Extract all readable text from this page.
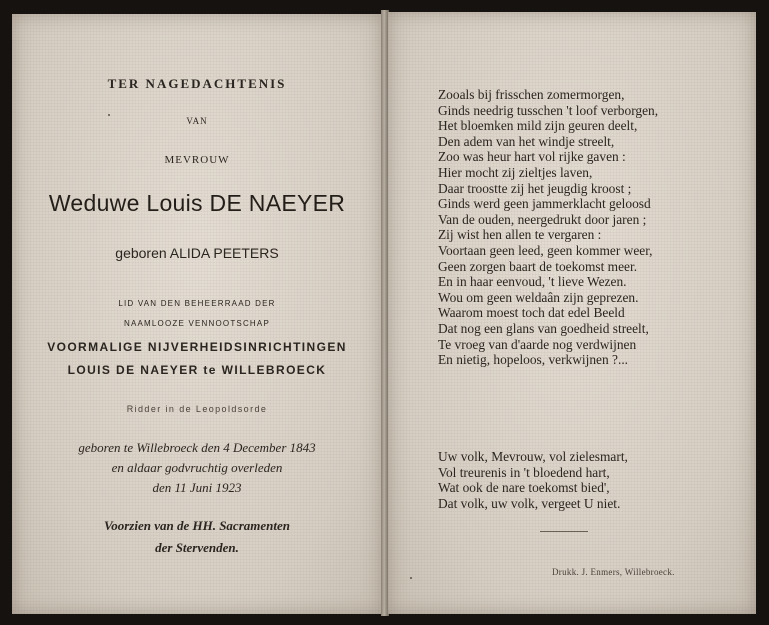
TER NAGEDACHTENIS
VAN
MEVROUW
Weduwe Louis DE NAEYER
geboren ALIDA PEETERS
LID VAN DEN BEHEERRAAD DER
NAAMLOOZE VENNOOTSCHAP
VOORMALIGE NIJVERHEIDSINRICHTINGEN
LOUIS DE NAEYER te WILLEBROECK
Ridder in de Leopoldsorde
geboren te Willebroeck den 4 December 1843
en aldaar godvruchtig overleden
den 11 Juni 1923
Voorzien van de HH. Sacramenten
der Stervenden.
Zooals bij frisschen zomermorgen,
Ginds needrig tusschen 't loof verborgen,
Het bloemken mild zijn geuren deelt,
Den adem van het windje streelt,
Zoo was heur hart vol rijke gaven :
Hier mocht zij zieltjes laven,
Daar troostte zij het jeugdig kroost ;
Ginds werd geen jammerklacht geloosd
Van de ouden, neergedrukt door jaren ;
Zij wist hen allen te vergaren :
Voortaan geen leed, geen kommer weer,
Geen zorgen baart de toekomst meer.
En in haar eenvoud, 't lieve Wezen.
Wou om geen weldaân zijn geprezen.
Waarom moest toch dat edel Beeld
Dat nog een glans van goedheid streelt,
Te vroeg van d'aarde nog verdwijnen
En nietig, hopeloos, verkwijnen ?...
Uw volk, Mevrouw, vol zielesmart,
Vol treurenis in 't bloedend hart,
Wat ook de nare toekomst bied',
Dat volk, uw volk, vergeet U niet.
Drukk. J. Enmers, Willebroeck.
